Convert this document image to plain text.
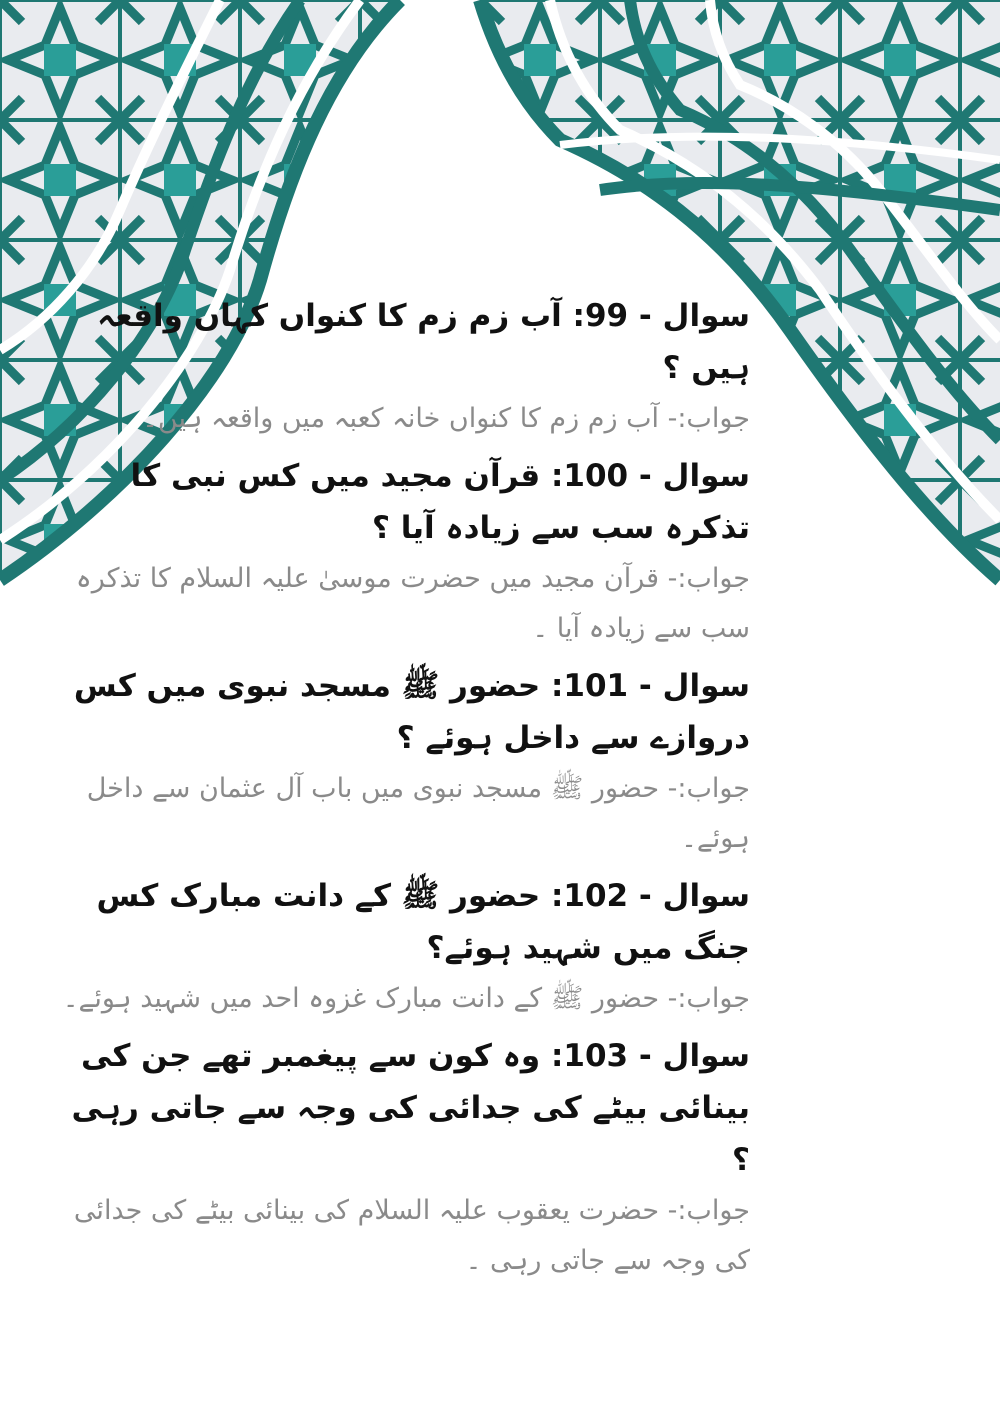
سوال - 99: آب زم زم کا کنواں کہاں واقعہ ہیں ؟

جواب:- آب زم زم کا کنواں خانہ کعبہ میں واقعہ ہیں۔

سوال - 100: قرآن مجید میں کس نبی کا تذکرہ سب سے زیادہ آیا ؟

جواب:- قرآن مجید میں حضرت موسیٰ علیہ السلام کا تذکرہ سب سے زیادہ آیا ۔

سوال - 101: حضور ﷺ مسجد نبوی میں کس دروازے سے داخل ہوئے ؟

جواب:- حضور ﷺ مسجد نبوی میں باب آل عثمان سے داخل ہوئے۔

سوال - 102: حضور ﷺ کے دانت مبارک کس جنگ میں شہید ہوئے؟

جواب:- حضور ﷺ کے دانت مبارک غزوہ احد میں شہید ہوئے۔

سوال - 103: وہ کون سے پیغمبر تھے جن کی بینائی بیٹے کی جدائی کی وجہ سے جاتی رہی ؟

جواب:- حضرت یعقوب علیہ السلام کی بینائی بیٹے کی جدائی کی وجہ سے جاتی رہی ۔
